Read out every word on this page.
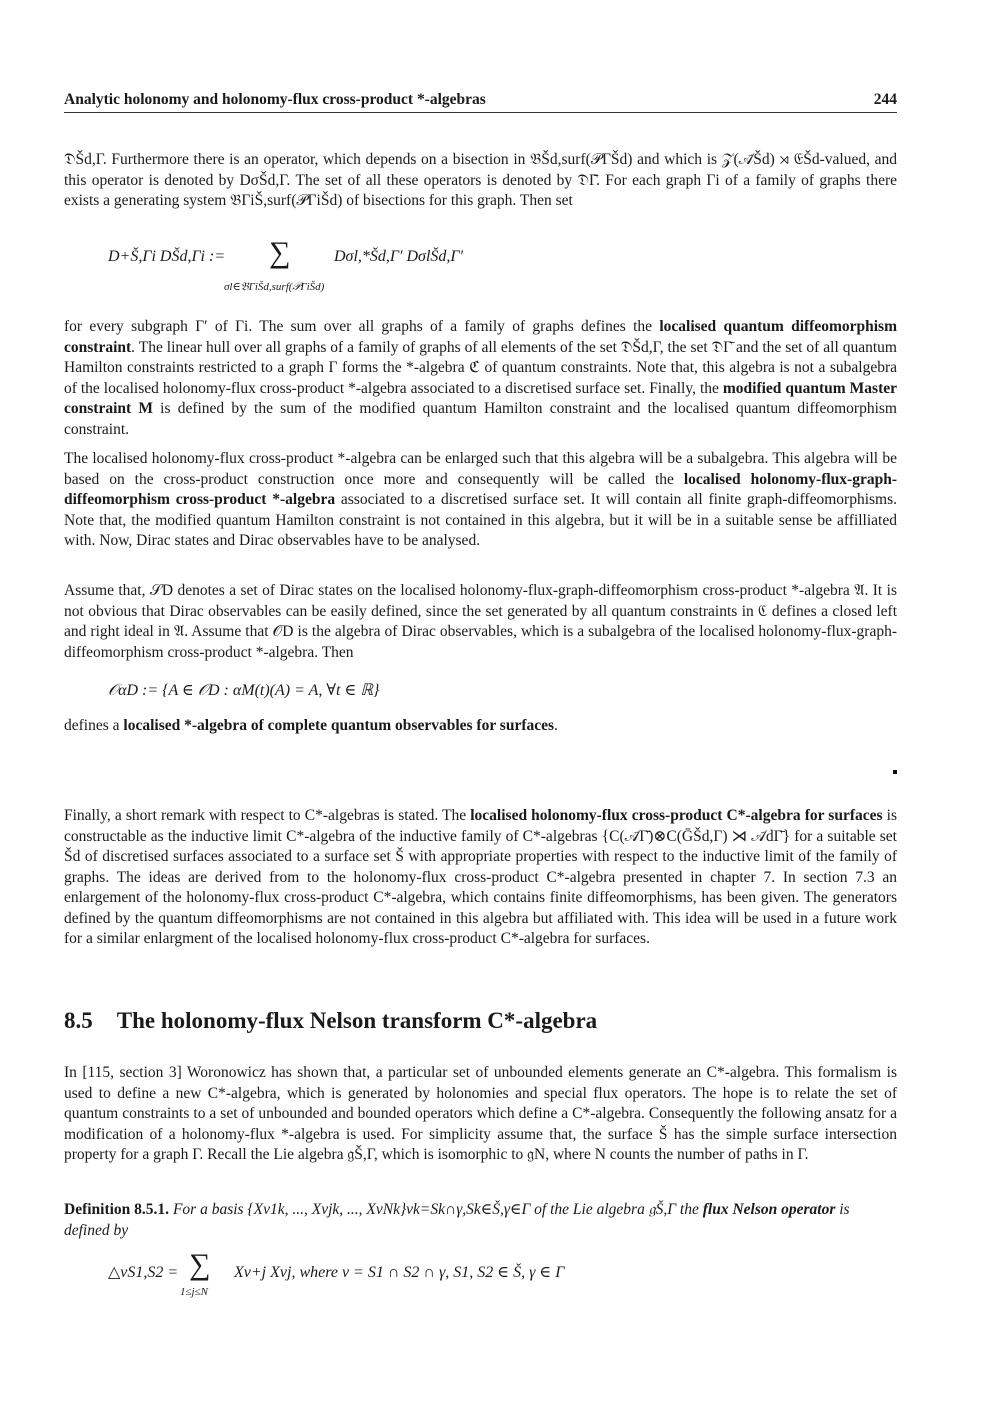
Analytic holonomy and holonomy-flux cross-product *-algebras	244

𝔇Šd,Γ. Furthermore there is an operator, which depends on a bisection in 𝔅Šd,surf(𝒫ΓŠd) and which is 𝒵(𝒜̄Šd) ⋊ 𝔈Šd-valued, and this operator is denoted by DσŠd,Γ. The set of all these operators is denoted by 𝔇Γ̄. For each graph Γi of a family of graphs there exists a generating system 𝔅ΓiŠ,surf(𝒫ΓiŠd) of bisections for this graph. Then set

D+Š,Γi DŠd,Γi := ∑
σl∈𝔅ΓiŠd,surf(𝒫ΓiŠd)
Dσl,*Šd,Γ′ DσlŠd,Γ′

for every subgraph Γ′ of Γi. The sum over all graphs of a family of graphs defines the localised quantum diffeomorphism constraint. The linear hull over all graphs of a family of graphs of all elements of the set 𝔇Šd,Γ, the set 𝔇Γ̄ and the set of all quantum Hamilton constraints restricted to a graph Γ forms the *-algebra ℭ of quantum constraints. Note that, this algebra is not a subalgebra of the localised holonomy-flux cross-product *-algebra associated to a discretised surface set. Finally, the modified quantum Master constraint M is defined by the sum of the modified quantum Hamilton constraint and the localised quantum diffeomorphism constraint.

The localised holonomy-flux cross-product *-algebra can be enlarged such that this algebra will be a subalgebra. This algebra will be based on the cross-product construction once more and consequently will be called the localised holonomy-flux-graph-diffeomorphism cross-product *-algebra associated to a discretised surface set. It will contain all finite graph-diffeomorphisms. Note that, the modified quantum Hamilton constraint is not contained in this algebra, but it will be in a suitable sense be affilliated with. Now, Dirac states and Dirac observables have to be analysed.

Assume that, 𝒮D denotes a set of Dirac states on the localised holonomy-flux-graph-diffeomorphism cross-product *-algebra 𝔄. It is not obvious that Dirac observables can be easily defined, since the set generated by all quantum constraints in ℭ defines a closed left and right ideal in 𝔄. Assume that 𝒪D is the algebra of Dirac observables, which is a subalgebra of the localised holonomy-flux-graph-diffeomorphism cross-product *-algebra. Then

𝒪αD := {A ∈ 𝒪D : αM(t)(A) = A, ∀t ∈ ℝ}

defines a localised *-algebra of complete quantum observables for surfaces.

Finally, a short remark with respect to C*-algebras is stated. The localised holonomy-flux cross-product C*-algebra for surfaces is constructable as the inductive limit C*-algebra of the inductive family of C*-algebras {C(𝒜̄Γ̄)⊗C(ḠŠd,Γ) ⋊ 𝒜̄dΓ̄} for a suitable set Šd of discretised surfaces associated to a surface set Š with appropriate properties with respect to the inductive limit of the family of graphs. The ideas are derived from to the holonomy-flux cross-product C*-algebra presented in chapter 7. In section 7.3 an enlargement of the holonomy-flux cross-product C*-algebra, which contains finite diffeomorphisms, has been given. The generators defined by the quantum diffeomorphisms are not contained in this algebra but affiliated with. This idea will be used in a future work for a similar enlargment of the localised holonomy-flux cross-product C*-algebra for surfaces.

8.5 The holonomy-flux Nelson transform C*-algebra

In [115, section 3] Woronowicz has shown that, a particular set of unbounded elements generate an C*-algebra. This formalism is used to define a new C*-algebra, which is generated by holonomies and special flux operators. The hope is to relate the set of quantum constraints to a set of unbounded and bounded operators which define a C*-algebra. Consequently the following ansatz for a modification of a holonomy-flux *-algebra is used. For simplicity assume that, the surface Š has the simple surface intersection property for a graph Γ. Recall the Lie algebra 𝔤Š,Γ, which is isomorphic to 𝔤N, where N counts the number of paths in Γ.

Definition 8.5.1. For a basis {Xv1k, ..., Xvjk, ..., XvNk}vk=Sk∩γ,Sk∈Š,γ∈Γ of the Lie algebra 𝔤Š,Γ the flux Nelson operator is defined by

△vS1,S2 = ∑
1≤j≤N
Xv+j Xvj, where v = S1 ∩ S2 ∩ γ, S1, S2 ∈ Š, γ ∈ Γ
